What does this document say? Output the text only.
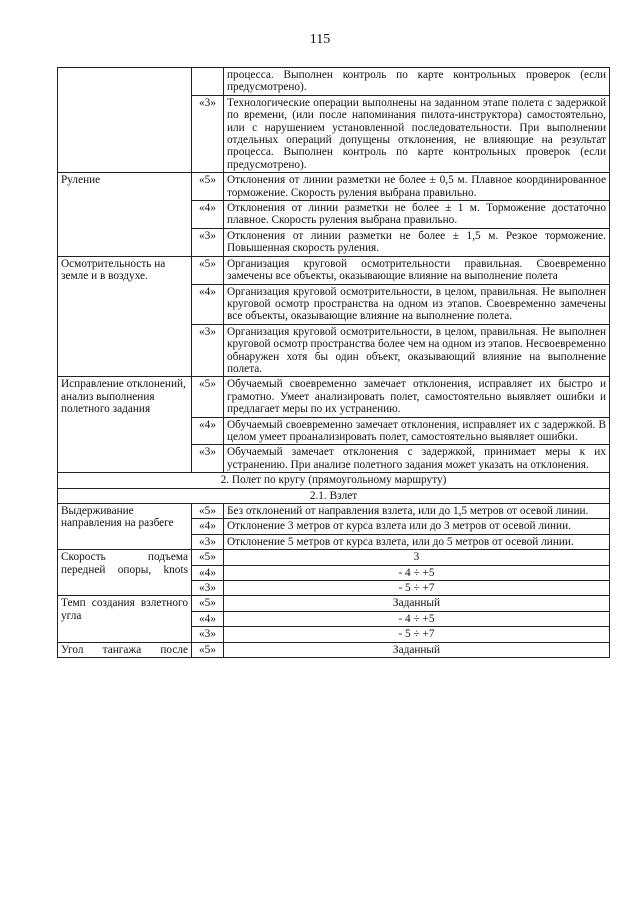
115
		процесса. Выполнен контроль по карте контрольных проверок (если предусмотрено).
	«3»	Технологические операции выполнены на заданном этапе полета с задержкой по времени, (или после напоминания пилота-инструктора) самостоятельно, или с нарушением установленной последовательности. При выполнении отдельных операций допущены отклонения, не влияющие на результат процесса. Выполнен контроль по карте контрольных проверок (если предусмотрено).
Руление	«5»	Отклонения от линии разметки не более ± 0,5 м. Плавное координированное торможение. Скорость руления выбрана правильно.
	«4»	Отклонения от линии разметки не более ± 1 м. Торможение достаточно плавное. Скорость руления выбрана правильно.
	«3»	Отклонения от линии разметки не более ± 1,5 м. Резкое торможение. Повышенная скорость руления.
Осмотрительность на земле и в воздухе.	«5»	Организация круговой осмотрительности правильная. Своевременно замечены все объекты, оказывающие влияние на выполнение полета
	«4»	Организация круговой осмотрительности, в целом, правильная. Не выполнен круговой осмотр пространства на одном из этапов. Своевременно замечены все объекты, оказывающие влияние на выполнение полета.
	«3»	Организация круговой осмотрительности, в целом, правильная. Не выполнен круговой осмотр пространства более чем на одном из этапов. Несвоевременно обнаружен хотя бы один объект, оказывающий влияние на выполнение полета.
Исправление отклонений, анализ выполнения полетного задания	«5»	Обучаемый своевременно замечает отклонения, исправляет их быстро и грамотно. Умеет анализировать полет, самостоятельно выявляет ошибки и предлагает меры по их устранению.
	«4»	Обучаемый своевременно замечает отклонения, исправляет их с задержкой. В целом умеет проанализировать полет, самостоятельно выявляет ошибки.
	«3»	Обучаемый замечает отклонения с задержкой, принимает меры к их устранению. При анализе полетного задания может указать на отклонения.
2. Полет по кругу (прямоугольному маршруту)		
2.1. Взлет		
Выдерживание направления на разбеге	«5»	Без отклонений от направления взлета, или до 1,5 метров от осевой линии.
	«4»	Отклонение 3 метров от курса взлета или до 3 метров от осевой линии.
	«3»	Отклонение 5 метров от курса взлета, или до 5 метров от осевой линии.
Скорость подъема передней опоры, knots	«5»	3
	«4»	- 4 ÷ +5
	«3»	- 5 ÷ +7
Темп создания взлетного угла	«5»	Заданный
	«4»	- 4 ÷ +5
	«3»	- 5 ÷ +7
Угол тангажа после	«5»	Заданный
